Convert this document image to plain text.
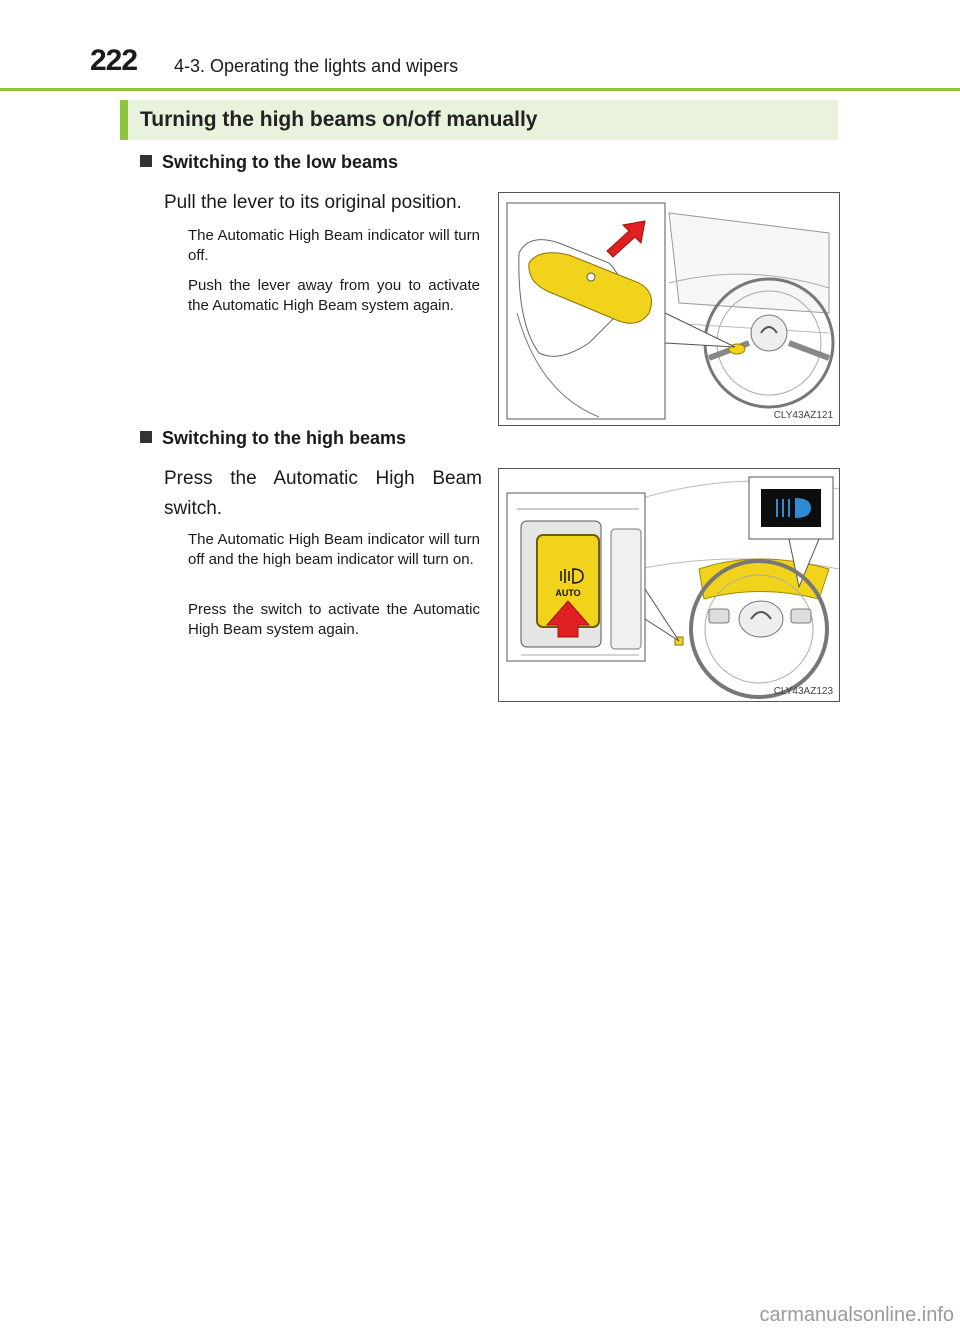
222 4-3. Operating the lights and wipers
Turning the high beams on/off manually
Switching to the low beams
Pull the lever to its original position.
The Automatic High Beam indicator will turn off.
Push the lever away from you to activate the Automatic High Beam system again.
CLY43AZ121
Switching to the high beams
Press the Automatic High Beam switch.
The Automatic High Beam indicator will turn off and the high beam indicator will turn on.
Press the switch to activate the Automatic High Beam system again.
AUTO
CLY43AZ123
carmanualsonline.info
